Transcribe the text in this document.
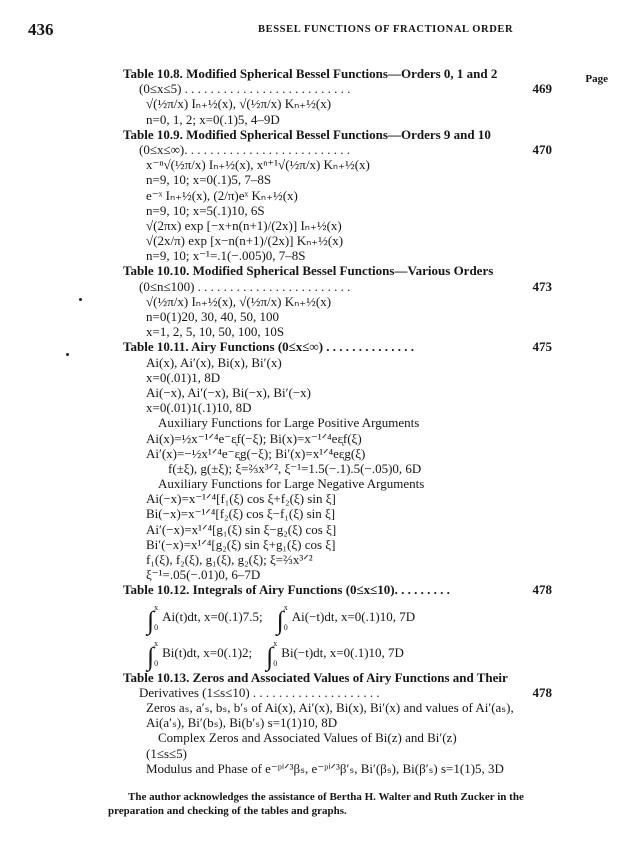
436	BESSEL FUNCTIONS OF FRACTIONAL ORDER
Page
Table 10.8. Modified Spherical Bessel Functions—Orders 0, 1 and 2
(0≤x≤5) . . . . . . . . . . . . . . . . . . . . . . . . . .	469
√(½π/x) Iₙ₊½(x), √(½π/x) Kₙ₊½(x)
n=0, 1, 2; x=0(.1)5, 4–9D
Table 10.9. Modified Spherical Bessel Functions—Orders 9 and 10
(0≤x≤∞). . . . . . . . . . . . . . . . . . . . . . . . . .	470
x⁻ⁿ√(½π/x) Iₙ₊½(x), xⁿ⁺¹√(½π/x) Kₙ₊½(x)
n=9, 10; x=0(.1)5, 7–8S
e⁻ˣ Iₙ₊½(x), (2/π)eˣ Kₙ₊½(x)
n=9, 10; x=5(.1)10, 6S
√(2πx) exp [−x+n(n+1)/(2x)] Iₙ₊½(x)
√(2x/π) exp [x−n(n+1)/(2x)] Kₙ₊½(x)
n=9, 10; x⁻¹=.1(−.005)0, 7–8S
Table 10.10. Modified Spherical Bessel Functions—Various Orders
(0≤n≤100) . . . . . . . . . . . . . . . . . . . . . . . .	473
√(½π/x) Iₙ₊½(x), √(½π/x) Kₙ₊½(x)
n=0(1)20, 30, 40, 50, 100
x=1, 2, 5, 10, 50, 100, 10S
Table 10.11. Airy Functions (0≤x≤∞) . . . . . . . . . . . . . .	475
Ai(x), Ai′(x), Bi(x), Bi′(x)
x=0(.01)1, 8D
Ai(−x), Ai′(−x), Bi(−x), Bi′(−x)
x=0(.01)1(.1)10, 8D
Auxiliary Functions for Large Positive Arguments
Ai(x)=½x⁻¹ᐟ⁴e⁻ᶓf(−ξ); Bi(x)=x⁻¹ᐟ⁴eᶓf(ξ)
Ai′(x)=−½x¹ᐟ⁴e⁻ᶓg(−ξ); Bi′(x)=x¹ᐟ⁴eᶓg(ξ)
f(±ξ), g(±ξ); ξ=⅔x³ᐟ², ξ⁻¹=1.5(−.1).5(−.05)0, 6D
Auxiliary Functions for Large Negative Arguments
Ai(−x)=x⁻¹ᐟ⁴[f₁(ξ) cos ξ+f₂(ξ) sin ξ]
Bi(−x)=x⁻¹ᐟ⁴[f₂(ξ) cos ξ−f₁(ξ) sin ξ]
Ai′(−x)=x¹ᐟ⁴[g₁(ξ) sin ξ−g₂(ξ) cos ξ]
Bi′(−x)=x¹ᐟ⁴[g₂(ξ) sin ξ+g₁(ξ) cos ξ]
f₁(ξ), f₂(ξ), g₁(ξ), g₂(ξ); ξ=⅔x³ᐟ²
ξ⁻¹=.05(−.01)0, 6–7D
Table 10.12. Integrals of Airy Functions (0≤x≤10). . . . . . . . .	478
∫ x
0
Ai(t)dt, x=0(.1)7.5; ∫ x
0
Ai(−t)dt, x=0(.1)10, 7D
∫ x
0
Bi(t)dt, x=0(.1)2; ∫ x
0
Bi(−t)dt, x=0(.1)10, 7D
Table 10.13. Zeros and Associated Values of Airy Functions and Their
Derivatives (1≤s≤10) . . . . . . . . . . . . . . . . . . . .	478
Zeros aₛ, a′ₛ, bₛ, b′ₛ of Ai(x), Ai′(x), Bi(x), Bi′(x) and values of Ai′(aₛ),
Ai(a′ₛ), Bi′(bₛ), Bi(b′ₛ) s=1(1)10, 8D
Complex Zeros and Associated Values of Bi(z) and Bi′(z)
(1≤s≤5)
Modulus and Phase of e⁻ᵖⁱᐟ³βₛ, e⁻ᵖⁱᐟ³β′ₛ, Bi′(βₛ), Bi(β′ₛ) s=1(1)5, 3D
The author acknowledges the assistance of Bertha H. Walter and Ruth Zucker in the preparation and checking of the tables and graphs.
